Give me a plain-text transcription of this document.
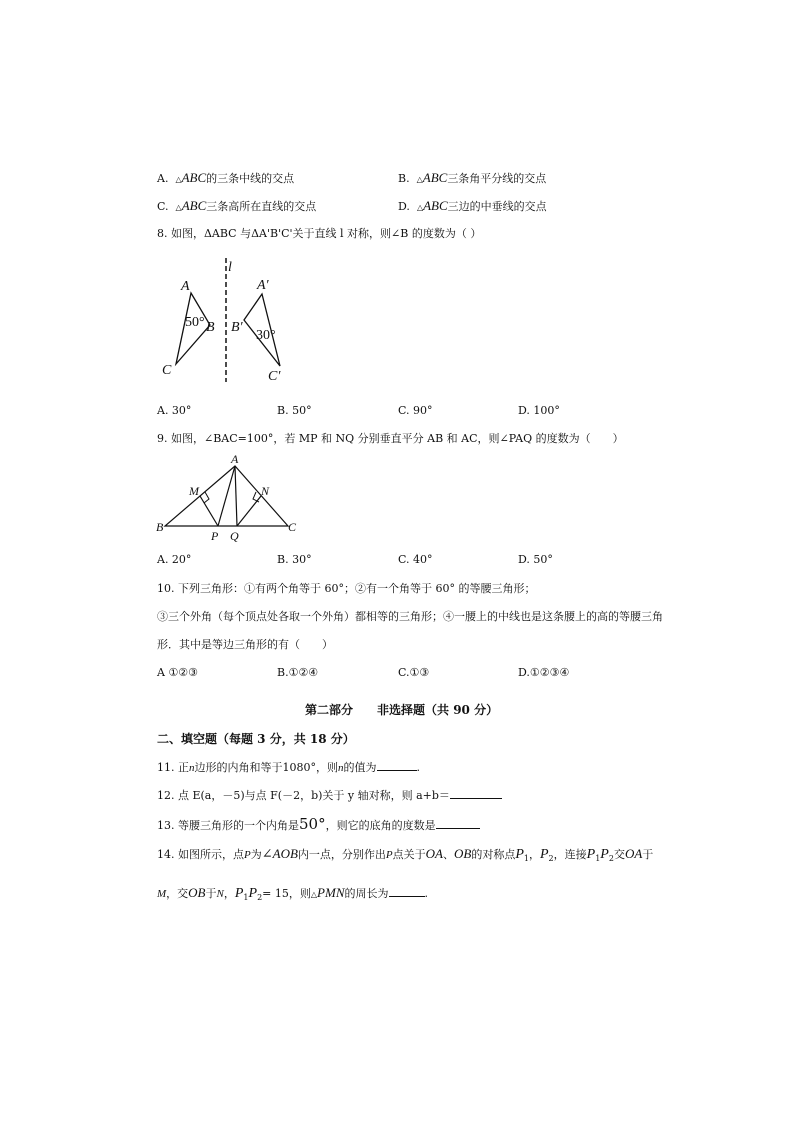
A. △ABC的三条中线的交点	B. △ABC三条角平分线的交点
C. △ABC三条高所在直线的交点	D. △ABC三边的中垂线的交点
8. 如图，ΔABC 与ΔA'B'C'关于直线 l 对称，则∠B 的度数为（ ）
l
A
B
C
50°
A′
B′
C′
30°
A. 30°	B. 50°	C. 90°	D. 100°
9. 如图，∠BAC=100°，若 MP 和 NQ 分别垂直平分 AB 和 AC，则∠PAQ 的度数为（　　）
A
M	N
B
P Q
C
A. 20°	B. 30°	C. 40°	D. 50°
10. 下列三角形：①有两个角等于 60°；②有一个角等于 60° 的等腰三角形；
③三个外角（每个顶点处各取一个外角）都相等的三角形；④一腰上的中线也是这条腰上的高的等腰三角
形．其中是等边三角形的有（　　）
A ①②③	B.①②④	C.①③	D.①②③④
第二部分 非选择题（共 90 分）
二、填空题（每题 3 分，共 18 分）
11. 正n边形的内角和等于1080°，则n的值为	.
12. 点 E(a，－5)与点 F(－2，b)关于 y 轴对称，则 a+b＝
13. 等腰三角形的一个内角是50°，则它的底角的度数是
14. 如图所示，点P为∠AOB内一点，分别作出P点关于OA、OB的对称点$P_1$，$P_2$，连接$P_1P_2$交OA于
M，交OB于N，$P_1P_2= 15$，则△PMN的周长为	.
